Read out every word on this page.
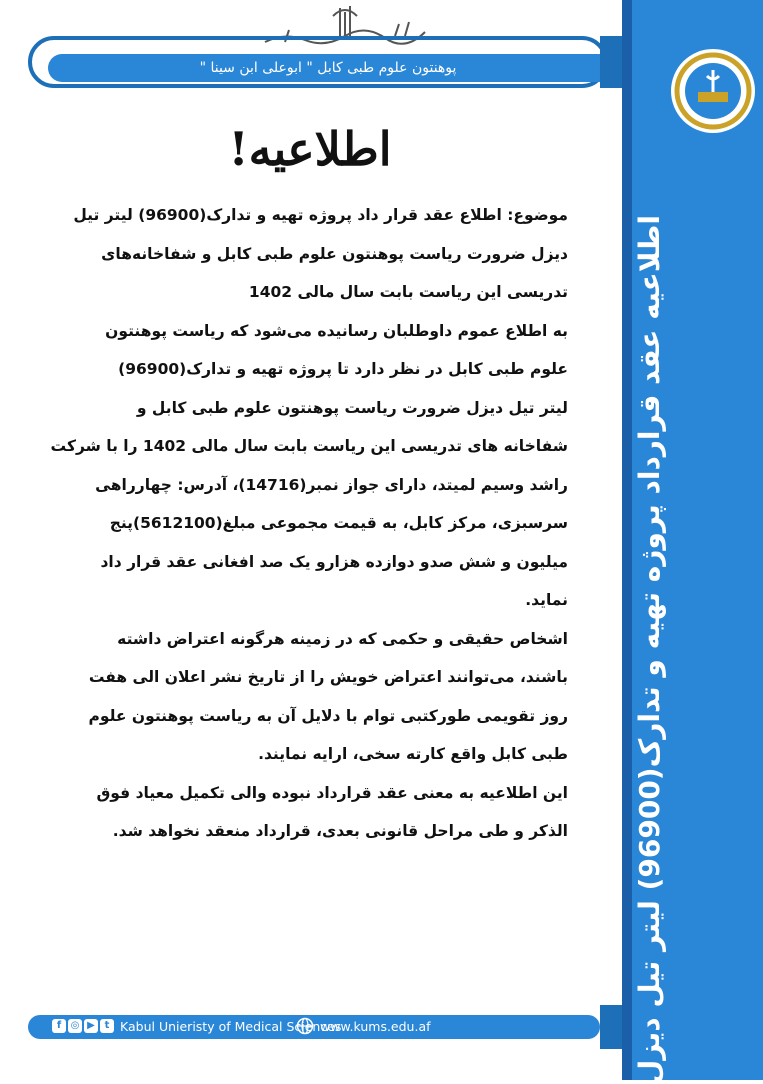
پوهنتون علوم طبی کابل " ابوعلی ابن سینا "
اطلاعیه عقد قرارداد پروژه تهیه و تدارک(96900) لیتر تیل دیزل
اطلاعیه!
موضوع: اطلاع عقد قرار داد پروژه تهیه و تدارک(96900) لیتر تیل
دیزل ضرورت ریاست پوهنتون علوم طبی کابل و شفاخانه‌های
تدریسی این ریاست بابت سال مالی 1402
به اطلاع عموم داوطلبان رسانیده می‌شود که ریاست پوهنتون
علوم طبی کابل در نظر دارد تا پروژه تهیه و تدارک(96900)
لیتر تیل دیزل ضرورت ریاست پوهنتون علوم طبی کابل و
شفاخانه های تدریسی این ریاست بابت سال مالی 1402 را با شرکت
راشد وسیم لمیتد، دارای جواز نمبر(14716)، آدرس: چهارراهی
سرسبزی، مرکز کابل، به قیمت مجموعی مبلغ(5612100)پنج
میلیون و شش صدو دوازده هزارو یک صد افغانی عقد قرار داد
نماید.
اشخاص حقیقی و حکمی که در زمینه هرگونه اعتراض داشته
باشند، می‌توانند اعتراض خویش را از تاریخ نشر اعلان الی هفت
روز تقویمی طورکتبی توام با دلایل آن به ریاست پوهنتون علوم
طبی کابل واقع کارته سخی، ارایه نمایند.
این اطلاعیه به معنی عقد قرارداد نبوده والی تکمیل معیاد فوق
الذکر و طی مراحل قانونی بعدی، قرارداد منعقد نخواهد شد.
f ◎ ▶ t Kabul Unieristy of Medical Sciences
www.kums.edu.af
